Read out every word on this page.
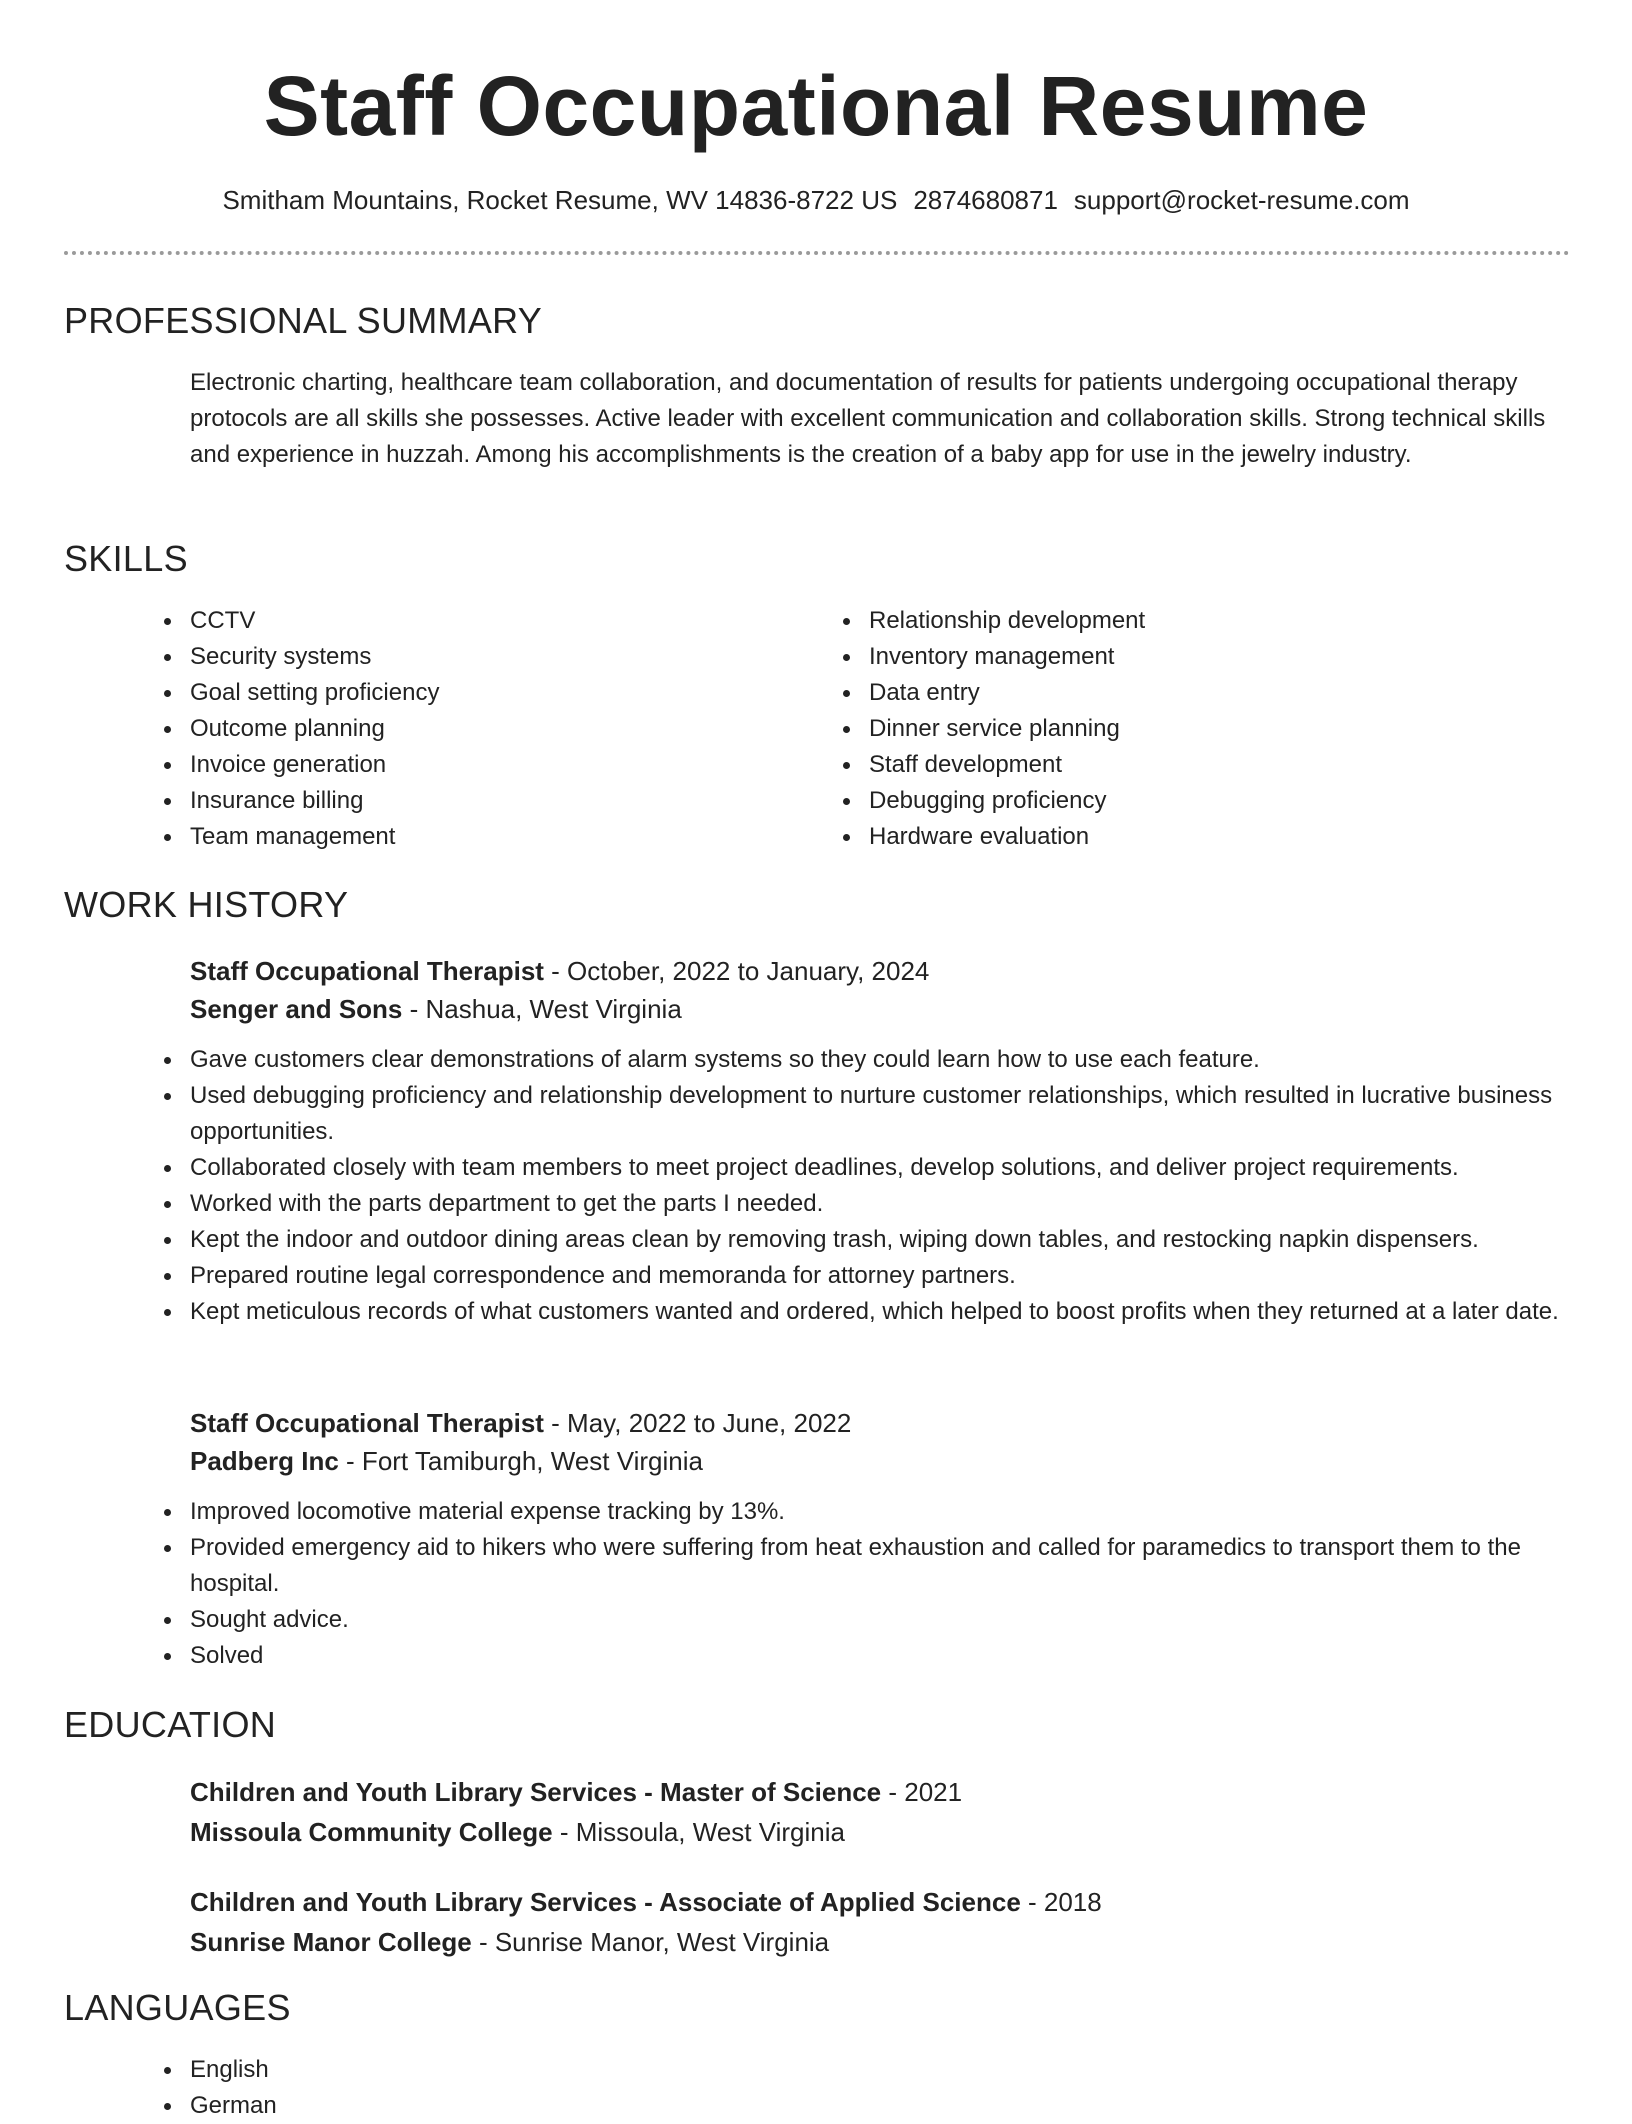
Staff Occupational Resume
Smitham Mountains, Rocket Resume, WV 14836-8722 US 2874680871 support@rocket-resume.com
PROFESSIONAL SUMMARY
Electronic charting, healthcare team collaboration, and documentation of results for patients undergoing occupational therapy protocols are all skills she possesses. Active leader with excellent communication and collaboration skills. Strong technical skills and experience in huzzah. Among his accomplishments is the creation of a baby app for use in the jewelry industry.
SKILLS
CCTV
Security systems
Goal setting proficiency
Outcome planning
Invoice generation
Insurance billing
Team management
Relationship development
Inventory management
Data entry
Dinner service planning
Staff development
Debugging proficiency
Hardware evaluation
WORK HISTORY
Staff Occupational Therapist - October, 2022 to January, 2024
Senger and Sons - Nashua, West Virginia
Gave customers clear demonstrations of alarm systems so they could learn how to use each feature.
Used debugging proficiency and relationship development to nurture customer relationships, which resulted in lucrative business opportunities.
Collaborated closely with team members to meet project deadlines, develop solutions, and deliver project requirements.
Worked with the parts department to get the parts I needed.
Kept the indoor and outdoor dining areas clean by removing trash, wiping down tables, and restocking napkin dispensers.
Prepared routine legal correspondence and memoranda for attorney partners.
Kept meticulous records of what customers wanted and ordered, which helped to boost profits when they returned at a later date.
Staff Occupational Therapist - May, 2022 to June, 2022
Padberg Inc - Fort Tamiburgh, West Virginia
Improved locomotive material expense tracking by 13%.
Provided emergency aid to hikers who were suffering from heat exhaustion and called for paramedics to transport them to the hospital.
Sought advice.
Solved
EDUCATION
Children and Youth Library Services - Master of Science - 2021
Missoula Community College - Missoula, West Virginia
Children and Youth Library Services - Associate of Applied Science - 2018
Sunrise Manor College - Sunrise Manor, West Virginia
LANGUAGES
English
German
